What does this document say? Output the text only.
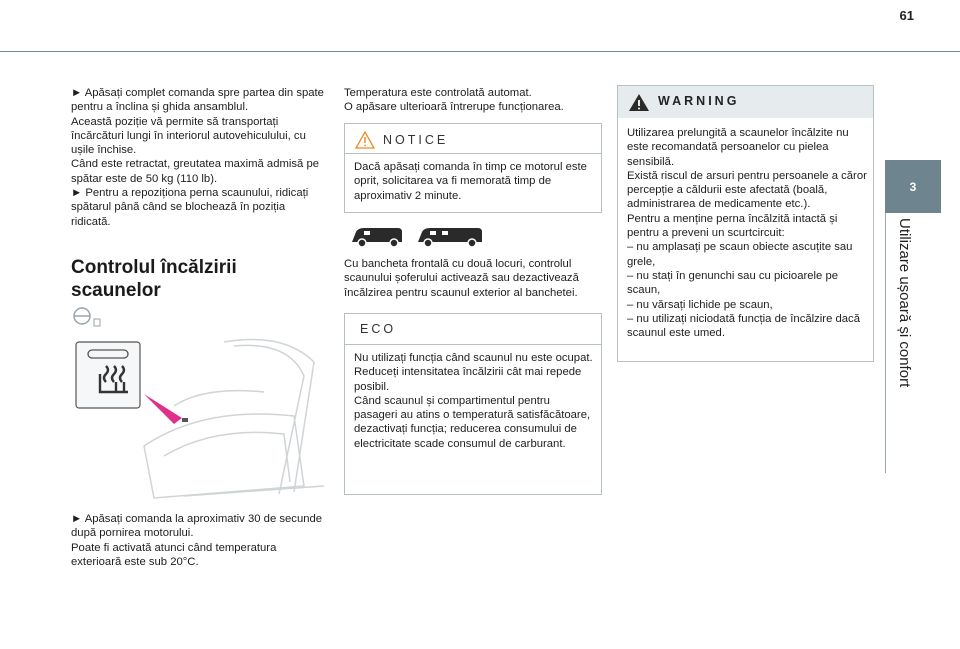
61
3
Utilizare ușoară și confort

► Apăsați complet comanda spre partea din spate pentru a înclina și ghida ansamblul.

Această poziție vă permite să transportați încărcături lungi în interiorul autovehiculului, cu ușile închise.

Când este retractat, greutatea maximă admisă pe spătar este de 50 kg (110 lb).

► Pentru a repoziționa perna scaunului, ridicați spătarul până când se blochează în poziția ridicată.

Controlul încălzirii scaunelor

► Apăsați comanda la aproximativ 30 de secunde după pornirea motorului.

Poate fi activată atunci când temperatura exterioară este sub 20°C.

Temperatura este controlată automat.

O apăsare ulterioară întrerupe funcționarea.

NOTICE
Dacă apăsați comanda în timp ce motorul este oprit, solicitarea va fi memorată timp de aproximativ 2 minute.
Cu bancheta frontală cu două locuri, controlul scaunului șoferului activează sau dezactivează încălzirea pentru scaunul exterior al banchetei.
ECO

Nu utilizați funcția când scaunul nu este ocupat.

Reduceți intensitatea încălzirii cât mai repede posibil.

Când scaunul și compartimentul pentru pasageri au atins o temperatură satisfăcătoare, dezactivați funcția; reducerea consumului de electricitate scade consumul de carburant.

WARNING

Utilizarea prelungită a scaunelor încălzite nu este recomandată persoanelor cu pielea sensibilă.

Există riscul de arsuri pentru persoanele a căror percepție a căldurii este afectată (boală, administrarea de medicamente etc.).

Pentru a menține perna încălzită intactă și pentru a preveni un scurtcircuit:

– nu amplasați pe scaun obiecte ascuțite sau grele,

– nu stați în genunchi sau cu picioarele pe scaun,

– nu vărsați lichide pe scaun,

– nu utilizați niciodată funcția de încălzire dacă scaunul este umed.
